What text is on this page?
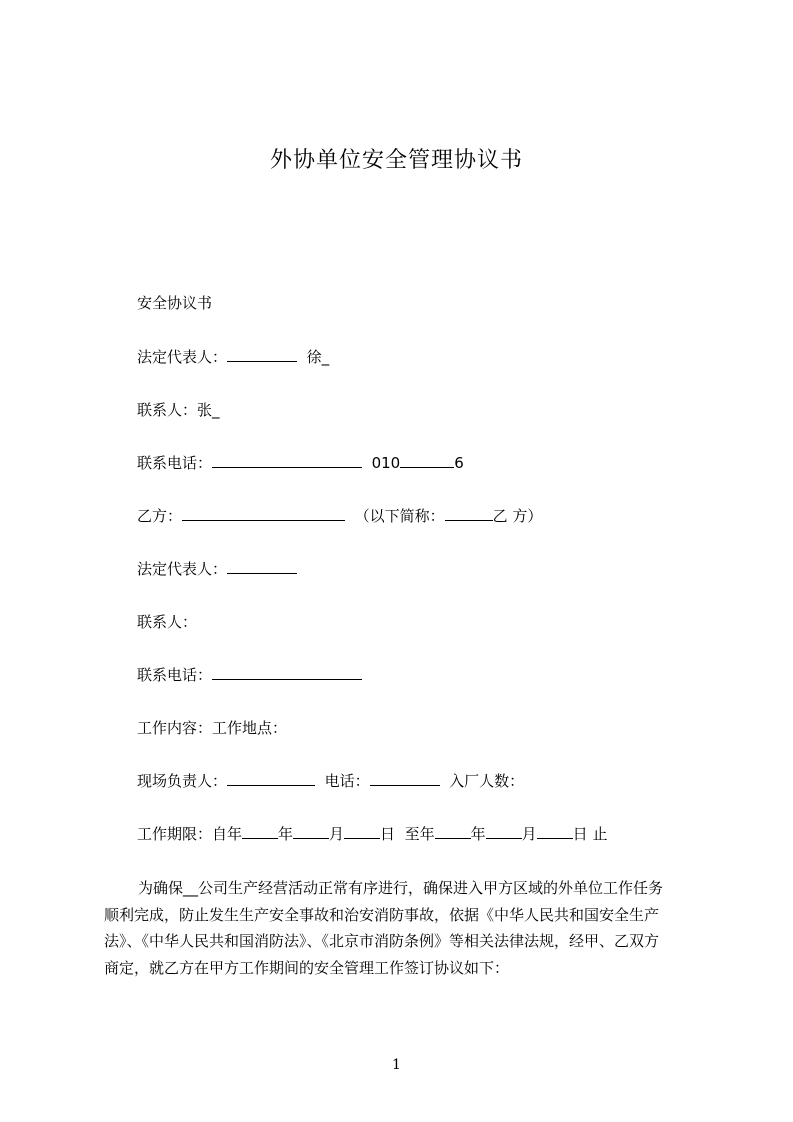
外协单位安全管理协议书
安全协议书
法定代表人：	徐_
联系人：张_
联系电话：	010	6
乙方：	（以下简称：	乙 方）
法定代表人：
联系人：
联系电话：
工作内容：工作地点：
现场负责人：	电话：	入厂人数：
工作期限：自年 年 月 日 至年 年 月 日 止
为确保__公司生产经营活动正常有序进行，确保进入甲方区域的外单位工作任务
顺利完成，防止发生生产安全事故和治安消防事故，依据《中华人民共和国安全生产
法》、《中华人民共和国消防法》、《北京市消防条例》等相关法律法规，经甲、乙双方
商定，就乙方在甲方工作期间的安全管理工作签订协议如下：
1
